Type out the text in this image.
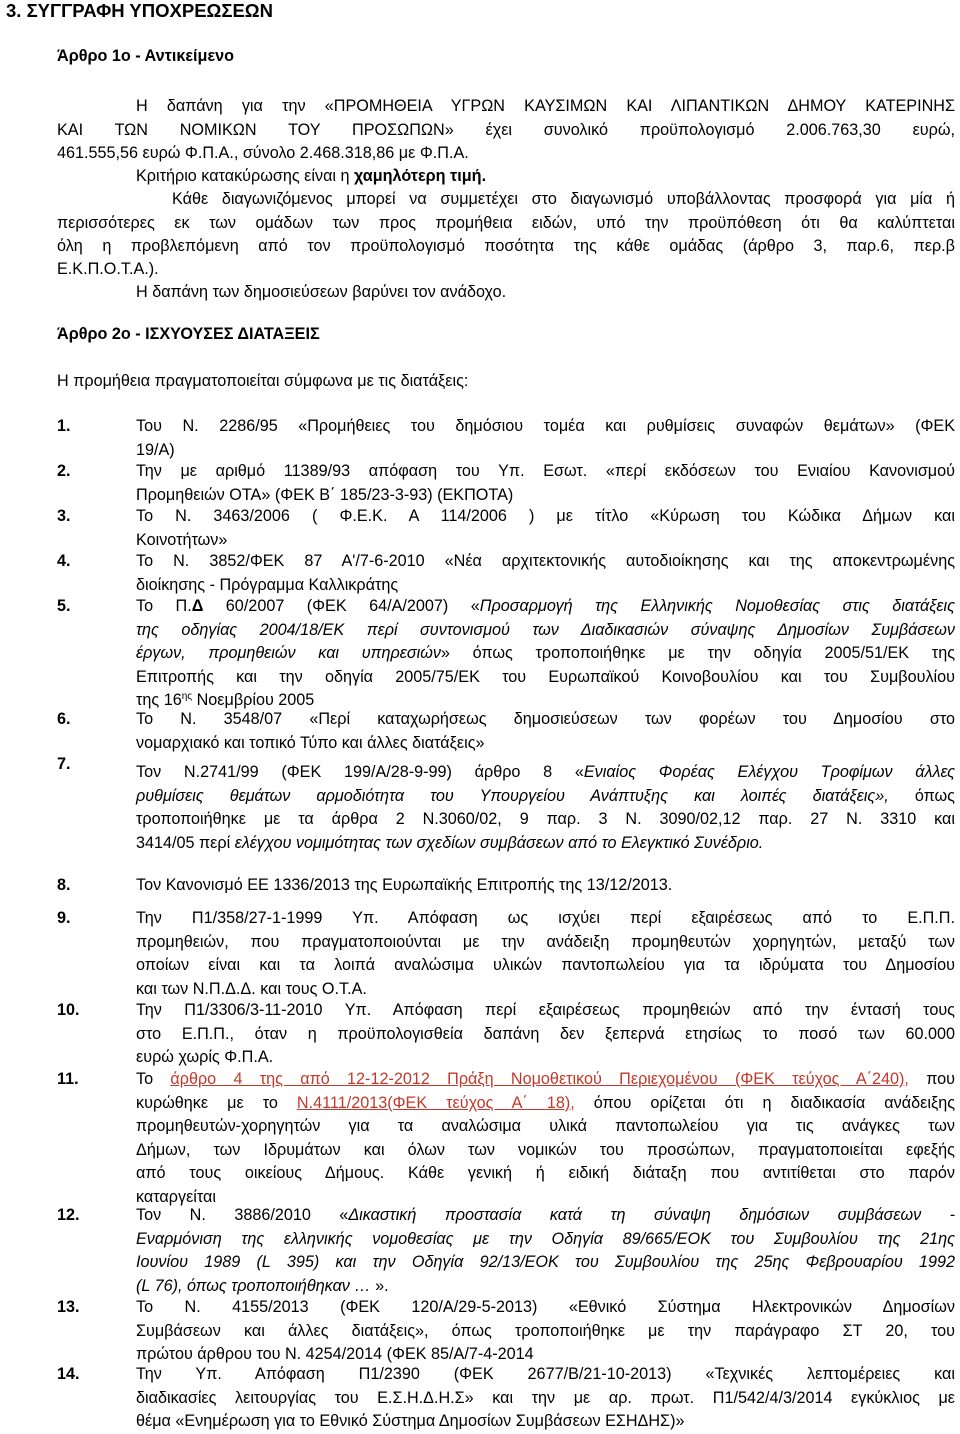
3. ΣΥΓΓΡΑΦΗ ΥΠΟΧΡΕΩΣΕΩΝ
Άρθρο 1ο - Αντικείμενο
Η δαπάνη για την «ΠΡΟΜΗΘΕΙΑ ΥΓΡΩΝ ΚΑΥΣΙΜΩΝ ΚΑΙ ΛΙΠΑΝΤΙΚΩΝ ΔΗΜΟΥ ΚΑΤΕΡΙΝΗΣ
ΚΑΙ ΤΩΝ ΝΟΜΙΚΩΝ ΤΟΥ ΠΡΟΣΩΠΩΝ» έχει συνολικό προϋπολογισμό 2.006.763,30 ευρώ,
461.555,56 ευρώ Φ.Π.Α., σύνολο 2.468.318,86 με Φ.Π.Α.
Κριτήριο κατακύρωσης είναι η χαμηλότερη τιμή.
Κάθε διαγωνιζόμενος μπορεί να συμμετέχει στο διαγωνισμό υποβάλλοντας προσφορά για μία ή
περισσότερες εκ των ομάδων των προς προμήθεια ειδών, υπό την προϋπόθεση ότι θα καλύπτεται
όλη η προβλεπόμενη από τον προϋπολογισμό ποσότητα της κάθε ομάδας (άρθρο 3, παρ.6, περ.β
Ε.Κ.Π.Ο.Τ.Α.).
Η δαπάνη των δημοσιεύσεων βαρύνει τον ανάδοχο.
Άρθρο 2ο - ΙΣΧΥΟΥΣΕΣ ΔΙΑΤΑΞΕΙΣ
Η προμήθεια πραγματοποιείται σύμφωνα με τις διατάξεις:
1.	Του Ν. 2286/95 «Προμήθειες του δημόσιου τομέα και ρυθμίσεις συναφών θεμάτων» (ΦΕΚ
19/Α)
2.	Την με αριθμό 11389/93 απόφαση του Υπ. Εσωτ. «περί εκδόσεων του Ενιαίου Κανονισμού
Προμηθειών ΟΤΑ» (ΦΕΚ Β΄ 185/23-3-93) (ΕΚΠΟΤΑ)
3.	Το Ν. 3463/2006 ( Φ.Ε.Κ. Α 114/2006 ) με τίτλο «Κύρωση του Κώδικα Δήμων και
Κοινοτήτων»
4.	Το Ν. 3852/ΦΕΚ 87 Α'/7-6-2010 «Νέα αρχιτεκτονικής αυτοδιοίκησης και της αποκεντρωμένης
διοίκησης - Πρόγραμμα Καλλικράτης
5.	Το Π.Δ 60/2007 (ΦΕΚ 64/Α/2007) «Προσαρμογή της Ελληνικής Νομοθεσίας στις διατάξεις
της οδηγίας 2004/18/ΕΚ περί συντονισμού των Διαδικασιών σύναψης Δημοσίων Συμβάσεων
έργων, προμηθειών και υπηρεσιών» όπως τροποποιήθηκε με την οδηγία 2005/51/ΕΚ της
Επιτροπής και την οδηγία 2005/75/ΕΚ του Ευρωπαϊκού Κοινοβουλίου και του Συμβουλίου
της $16^{\eta\varsigma}$ Νοεμβρίου 2005
6.	Το Ν. 3548/07 «Περί καταχωρήσεως δημοσιεύσεων των φορέων του Δημοσίου στο
νομαρχιακό και τοπικό Τύπο και άλλες διατάξεις»
7.	Τον Ν.2741/99 (ΦΕΚ 199/Α/28-9-99) άρθρο 8 «Ενιαίος Φορέας Ελέγχου Τροφίμων άλλες
ρυθμίσεις θεμάτων αρμοδιότητα του Υπουργείου Ανάπτυξης και λοιπές διατάξεις», όπως
τροποποιήθηκε με τα άρθρα 2 Ν.3060/02, 9 παρ. 3 Ν. 3090/02,12 παρ. 27 Ν. 3310 και
3414/05 περί ελέγχου νομιμότητας των σχεδίων συμβάσεων από το Ελεγκτικό Συνέδριο.
8.	Τον Κανονισμό ΕΕ 1336/2013 της Ευρωπαϊκής Επιτροπής της 13/12/2013.
9.	Την Π1/358/27-1-1999 Υπ. Απόφαση ως ισχύει περί εξαιρέσεως από το Ε.Π.Π.
προμηθειών, που πραγματοποιούνται με την ανάδειξη προμηθευτών χορηγητών, μεταξύ των
οποίων είναι και τα λοιπά αναλώσιμα υλικών παντοπωλείου για τα ιδρύματα του Δημοσίου
και των Ν.Π.Δ.Δ. και τους Ο.Τ.Α.
10.	Την Π1/3306/3-11-2010 Υπ. Απόφαση περί εξαιρέσεως προμηθειών από την έντασή τους
στο Ε.Π.Π., όταν η προϋπολογισθεία δαπάνη δεν ξεπερνά ετησίως το ποσό των 60.000
ευρώ χωρίς Φ.Π.Α.
11.	Το άρθρο 4 της από 12-12-2012 Πράξη Νομοθετικού Περιεχομένου (ΦΕΚ τεύχος Α΄240), που
κυρώθηκε με το Ν.4111/2013(ΦΕΚ τεύχος Α΄ 18), όπου ορίζεται ότι η διαδικασία ανάδειξης
προμηθευτών-χορηγητών για τα αναλώσιμα υλικά παντοπωλείου για τις ανάγκες των
Δήμων, των Ιδρυμάτων και όλων των νομικών του προσώπων, πραγματοποιείται εφεξής
από τους οικείους Δήμους. Κάθε γενική ή ειδική διάταξη που αντιτίθεται στο παρόν
καταργείται
12.	Τον Ν. 3886/2010 «Δικαστική προστασία κατά τη σύναψη δημόσιων συμβάσεων -
Εναρμόνιση της ελληνικής νομοθεσίας με την Οδηγία 89/665/ΕΟΚ του Συμβουλίου της 21ης
Ιουνίου 1989 (L 395) και την Οδηγία 92/13/ΕΟΚ του Συμβουλίου της 25ης Φεβρουαρίου 1992
(L 76), όπως τροποποιήθηκαν … ».
13.	Το Ν. 4155/2013 (ΦΕΚ 120/Α/29-5-2013) «Εθνικό Σύστημα Ηλεκτρονικών Δημοσίων
Συμβάσεων και άλλες διατάξεις», όπως τροποποιήθηκε με την παράγραφο ΣΤ 20, του
πρώτου άρθρου του Ν. 4254/2014 (ΦΕΚ 85/Α/7-4-2014
14.	Την Υπ. Απόφαση Π1/2390 (ΦΕΚ 2677/Β/21-10-2013) «Τεχνικές λεπτομέρειες και
διαδικασίες λειτουργίας του Ε.Σ.Η.Δ.Η.Σ» και την με αρ. πρωτ. Π1/542/4/3/2014 εγκύκλιος με
θέμα «Ενημέρωση για το Εθνικό Σύστημα Δημοσίων Συμβάσεων ΕΣΗΔΗΣ)»
